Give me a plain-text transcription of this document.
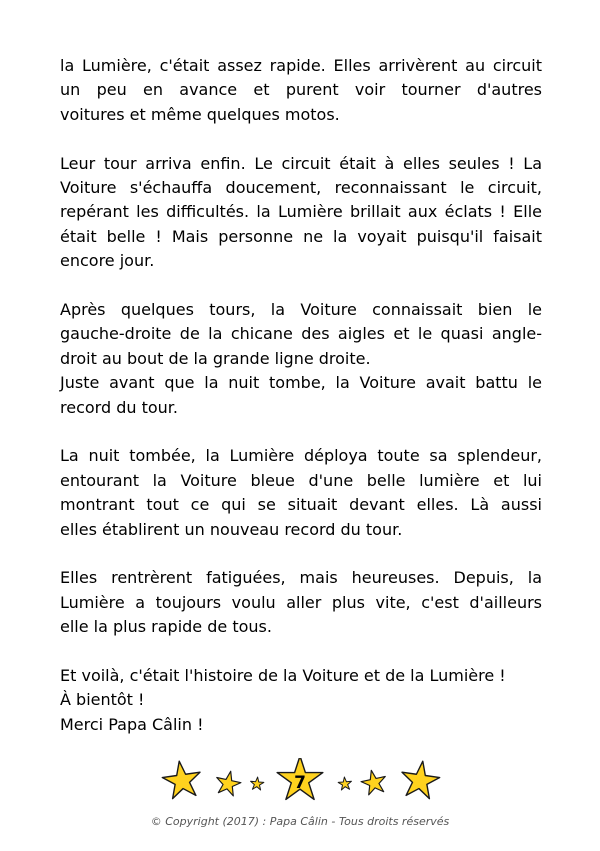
la Lumière, c'était assez rapide. Elles arrivèrent au circuit
un peu en avance et purent voir tourner d'autres
voitures et même quelques motos.

Leur tour arriva enfin. Le circuit était à elles seules ! La
Voiture s'échauffa doucement, reconnaissant le circuit,
repérant les difficultés. la Lumière brillait aux éclats ! Elle
était belle ! Mais personne ne la voyait puisqu'il faisait
encore jour.

Après quelques tours, la Voiture connaissait bien le
gauche-droite de la chicane des aigles et le quasi angle-
droit au bout de la grande ligne droite.
Juste avant que la nuit tombe, la Voiture avait battu le
record du tour.

La nuit tombée, la Lumière déploya toute sa splendeur,
entourant la Voiture bleue d'une belle lumière et lui
montrant tout ce qui se situait devant elles. Là aussi
elles établirent un nouveau record du tour.

Elles rentrèrent fatiguées, mais heureuses. Depuis, la
Lumière a toujours voulu aller plus vite, c'est d'ailleurs
elle la plus rapide de tous.

Et voilà, c'était l'histoire de la Voiture et de la Lumière !
À bientôt !
Merci Papa Câlin !

7
© Copyright (2017) : Papa Câlin - Tous droits réservés
